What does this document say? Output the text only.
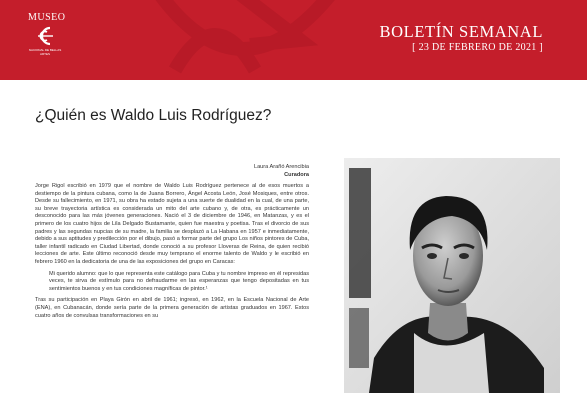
MUSEO
NACIONAL DE BELLAS ARTES
BOLETÍN SEMANAL
[ 23 DE FEBRERO DE 2021 ]
¿Quién es Waldo Luis Rodríguez?
Laura Arañó Arencibia
Curadora

Jorge Rigol escribió en 1979 que el nombre de Waldo Luis Rodríguez pertenece al de esos muertos a destiempo de la pintura cubana, como la de Juana Borrero, Ángel Acosta León, José Mosiques, entre otros. Desde su fallecimiento, en 1971, su obra ha estado sujeta a una suerte de dualidad en la cual, de una parte, su breve trayectoria artística es considerada un mito del arte cubano y, de otra, es prácticamente un desconocido para las más jóvenes generaciones. Nació el 3 de diciembre de 1946, en Matanzas, y es el primero de los cuatro hijos de Lila Delgado Bustamante, quien fue maestra y poetisa. Tras el divorcio de sus padres y las segundas nupcias de su madre, la familia se desplazó a La Habana en 1957 e inmediatamente, debido a sus aptitudes y predilección por el dibujo, pasó a formar parte del grupo Los niños pintores de Cuba, taller infantil radicado en Ciudad Libertad, donde conoció a su profesor Lloveras de Reina, de quien recibió lecciones de arte. Este último reconoció desde muy temprano el enorme talento de Waldo y le escribió en febrero 1960 en la dedicatoria de una de las exposiciones del grupo en Caracas:

Mi querido alumno: que lo que representa este catálogo para Cuba y tu nombre impreso en él represidas veces, te sirva de estímulo para no defraudarme en las esperanzas que tengo depositadas en tus sentimientos buenos y en tus condiciones magníficas de pintor.¹

Tras su participación en Playa Girón en abril de 1961; ingresó, en 1962, en la Escuela Nacional de Arte (ENA), en Cubanacán, donde sería parte de la primera generación de artistas graduados en 1967. Estos cuatro años de convulsas transformaciones en su
